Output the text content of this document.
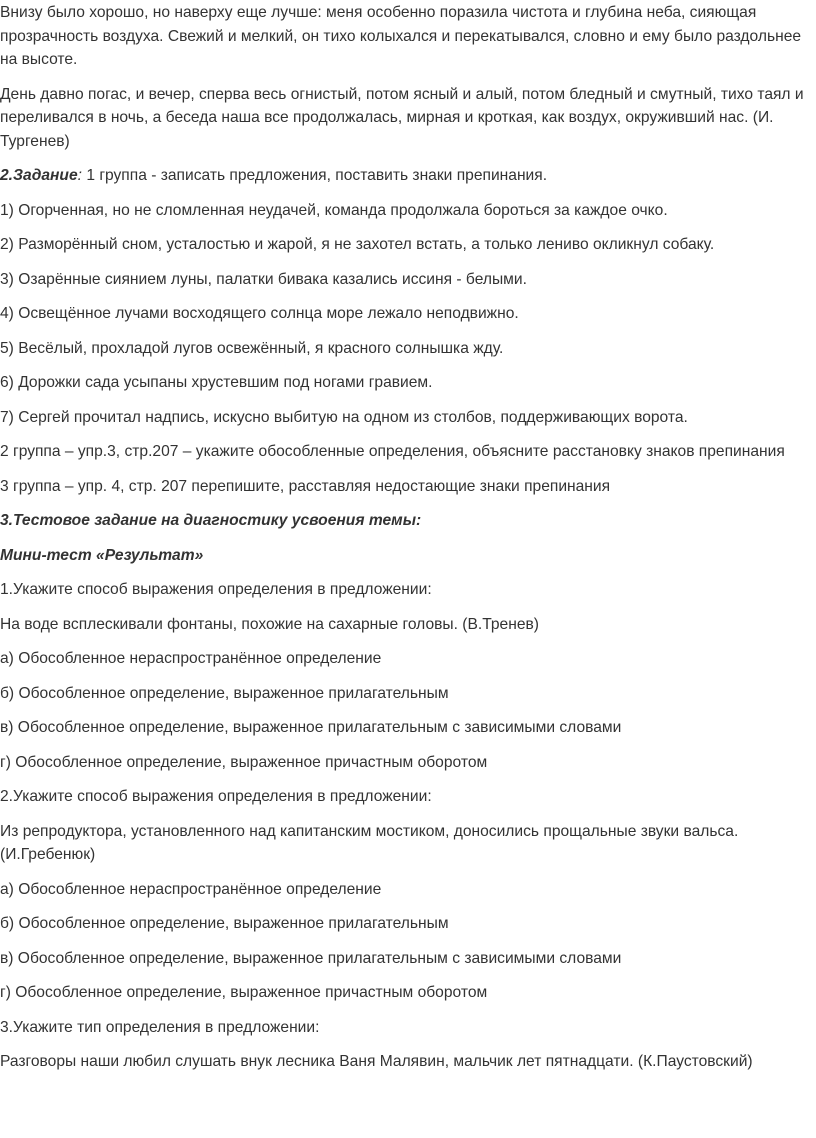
Внизу было хорошо, но наверху еще лучше: меня особенно поразила чистота и глубина неба, сияющая прозрачность воздуха. Свежий и мелкий, он тихо колыхался и перекатывался, словно и ему было раздольнее на высоте.

День давно погас, и вечер, сперва весь огнистый, потом ясный и алый, потом бледный и смутный, тихо таял и переливался в ночь, а беседа наша все продолжалась, мирная и кроткая, как воздух, окруживший нас. (И. Тургенев)

2.Задание: 1 группа - записать предложения, поставить знаки препинания.

1) Огорченная, но не сломленная неудачей, команда продолжала бороться за каждое очко.

2) Разморённый сном, усталостью и жарой, я не захотел встать, а только лениво окликнул собаку.

3) Озарённые сиянием луны, палатки бивака казались иссиня - белыми.

4) Освещённое лучами восходящего солнца море лежало неподвижно.

5) Весёлый, прохладой лугов освежённый, я красного солнышка жду.

6) Дорожки сада усыпаны хрустевшим под ногами гравием.

7) Сергей прочитал надпись, искусно выбитую на одном из столбов, поддерживающих ворота.

2 группа – упр.3, стр.207 – укажите обособленные определения, объясните расстановку знаков препинания

3 группа – упр. 4, стр. 207 перепишите, расставляя недостающие знаки препинания

3.Тестовое задание на диагностику усвоения темы:

Мини-тест «Результат»

1.Укажите способ выражения определения в предложении:

На воде всплескивали фонтаны, похожие на сахарные головы. (В.Тренев)

а) Обособленное нераспространённое определение

б) Обособленное определение, выраженное прилагательным

в) Обособленное определение, выраженное прилагательным с зависимыми словами

г) Обособленное определение, выраженное причастным оборотом

2.Укажите способ выражения определения в предложении:

Из репродуктора, установленного над капитанским мостиком, доносились прощальные звуки вальса. (И.Гребенюк)

а) Обособленное нераспространённое определение

б) Обособленное определение, выраженное прилагательным

в) Обособленное определение, выраженное прилагательным с зависимыми словами

г) Обособленное определение, выраженное причастным оборотом

3.Укажите тип определения в предложении:

Разговоры наши любил слушать внук лесника Ваня Малявин, мальчик лет пятнадцати. (К.Паустовский)
